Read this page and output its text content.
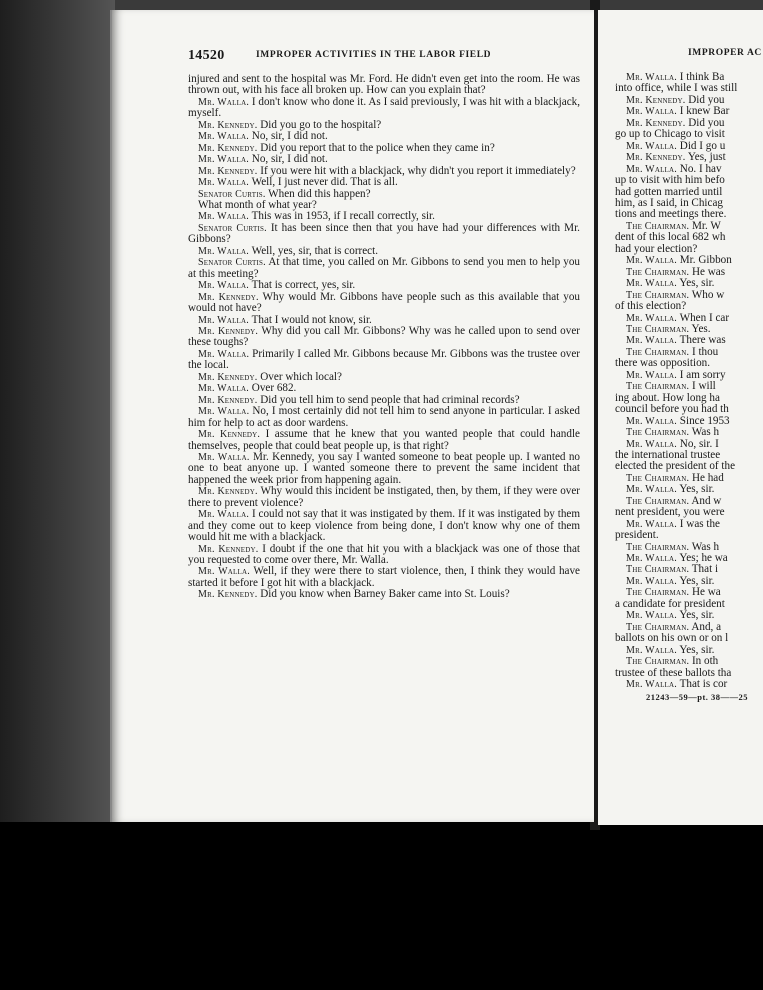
14520	IMPROPER ACTIVITIES IN THE LABOR FIELD

injured and sent to the hospital was Mr. Ford. He didn't even get into the room. He was thrown out, with his face all broken up. How can you explain that?

Mr. Walla. I don't know who done it. As I said previously, I was hit with a blackjack, myself.

Mr. Kennedy. Did you go to the hospital?

Mr. Walla. No, sir, I did not.

Mr. Kennedy. Did you report that to the police when they came in?

Mr. Walla. No, sir, I did not.

Mr. Kennedy. If you were hit with a blackjack, why didn't you report it immediately?

Mr. Walla. Well, I just never did. That is all.

Senator Curtis. When did this happen?

What month of what year?

Mr. Walla. This was in 1953, if I recall correctly, sir.

Senator Curtis. It has been since then that you have had your differences with Mr. Gibbons?

Mr. Walla. Well, yes, sir, that is correct.

Senator Curtis. At that time, you called on Mr. Gibbons to send you men to help you at this meeting?

Mr. Walla. That is correct, yes, sir.

Mr. Kennedy. Why would Mr. Gibbons have people such as this available that you would not have?

Mr. Walla. That I would not know, sir.

Mr. Kennedy. Why did you call Mr. Gibbons? Why was he called upon to send over these toughs?

Mr. Walla. Primarily I called Mr. Gibbons because Mr. Gibbons was the trustee over the local.

Mr. Kennedy. Over which local?

Mr. Walla. Over 682.

Mr. Kennedy. Did you tell him to send people that had criminal records?

Mr. Walla. No, I most certainly did not tell him to send anyone in particular. I asked him for help to act as door wardens.

Mr. Kennedy. I assume that he knew that you wanted people that could handle themselves, people that could beat people up, is that right?

Mr. Walla. Mr. Kennedy, you say I wanted someone to beat people up. I wanted no one to beat anyone up. I wanted someone there to prevent the same incident that happened the week prior from happening again.

Mr. Kennedy. Why would this incident be instigated, then, by them, if they were over there to prevent violence?

Mr. Walla. I could not say that it was instigated by them. If it was instigated by them and they come out to keep violence from being done, I don't know why one of them would hit me with a blackjack.

Mr. Kennedy. I doubt if the one that hit you with a blackjack was one of those that you requested to come over there, Mr. Walla.

Mr. Walla. Well, if they were there to start violence, then, I think they would have started it before I got hit with a blackjack.

Mr. Kennedy. Did you know when Barney Baker came into St. Louis?

IMPROPER AC

Mr. Walla. I think Ba

into office, while I was still

Mr. Kennedy. Did you

Mr. Walla. I knew Bar

Mr. Kennedy. Did you

go up to Chicago to visit

Mr. Walla. Did I go u

Mr. Kennedy. Yes, just

Mr. Walla. No. I hav

up to visit with him befo

had gotten married until

him, as I said, in Chicag

tions and meetings there.

The Chairman. Mr. W

dent of this local 682 wh

had your election?

Mr. Walla. Mr. Gibbon

The Chairman. He was

Mr. Walla. Yes, sir.

The Chairman. Who w

of this election?

Mr. Walla. When I car

The Chairman. Yes.

Mr. Walla. There was

The Chairman. I thou

there was opposition.

Mr. Walla. I am sorry

The Chairman. I will

ing about. How long ha

council before you had th

Mr. Walla. Since 1953

The Chairman. Was h

Mr. Walla. No, sir. I

the international trustee

elected the president of the

The Chairman. He had

Mr. Walla. Yes, sir.

The Chairman. And w

nent president, you were

Mr. Walla. I was the

president.

The Chairman. Was h

Mr. Walla. Yes; he wa

The Chairman. That i

Mr. Walla. Yes, sir.

The Chairman. He wa

a candidate for president

Mr. Walla. Yes, sir.

The Chairman. And, a

ballots on his own or on l

Mr. Walla. Yes, sir.

The Chairman. In oth

trustee of these ballots tha

Mr. Walla. That is cor

21243—59—pt. 38——25
